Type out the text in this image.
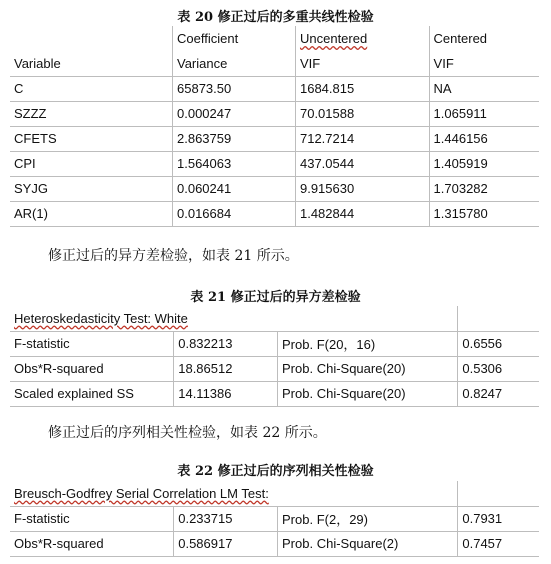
表 20 修正过后的多重共线性检验
	Coefficient	Uncentered	Centered
Variable	Variance	VIF	VIF
C	65873.50	1684.815	NA
SZZZ	0.000247	70.01588	1.065911
CFETS	2.863759	712.7214	1.446156
CPI	1.564063	437.0544	1.405919
SYJG	0.060241	9.915630	1.703282
AR(1)	0.016684	1.482844	1.315780
修正过后的异方差检验，如表 21 所示。
表 21 修正过后的异方差检验
Heteroskedasticity Test: White			
F-statistic	0.832213	Prob. F(20，16)	0.6556
Obs*R-squared	18.86512	Prob. Chi-Square(20)	0.5306
Scaled explained SS	14.11386	Prob. Chi-Square(20)	0.8247
修正过后的序列相关性检验，如表 22 所示。
表 22 修正过后的序列相关性检验
Breusch-Godfrey Serial Correlation LM Test:			
F-statistic	0.233715	Prob. F(2，29)	0.7931
Obs*R-squared	0.586917	Prob. Chi-Square(2)	0.7457
